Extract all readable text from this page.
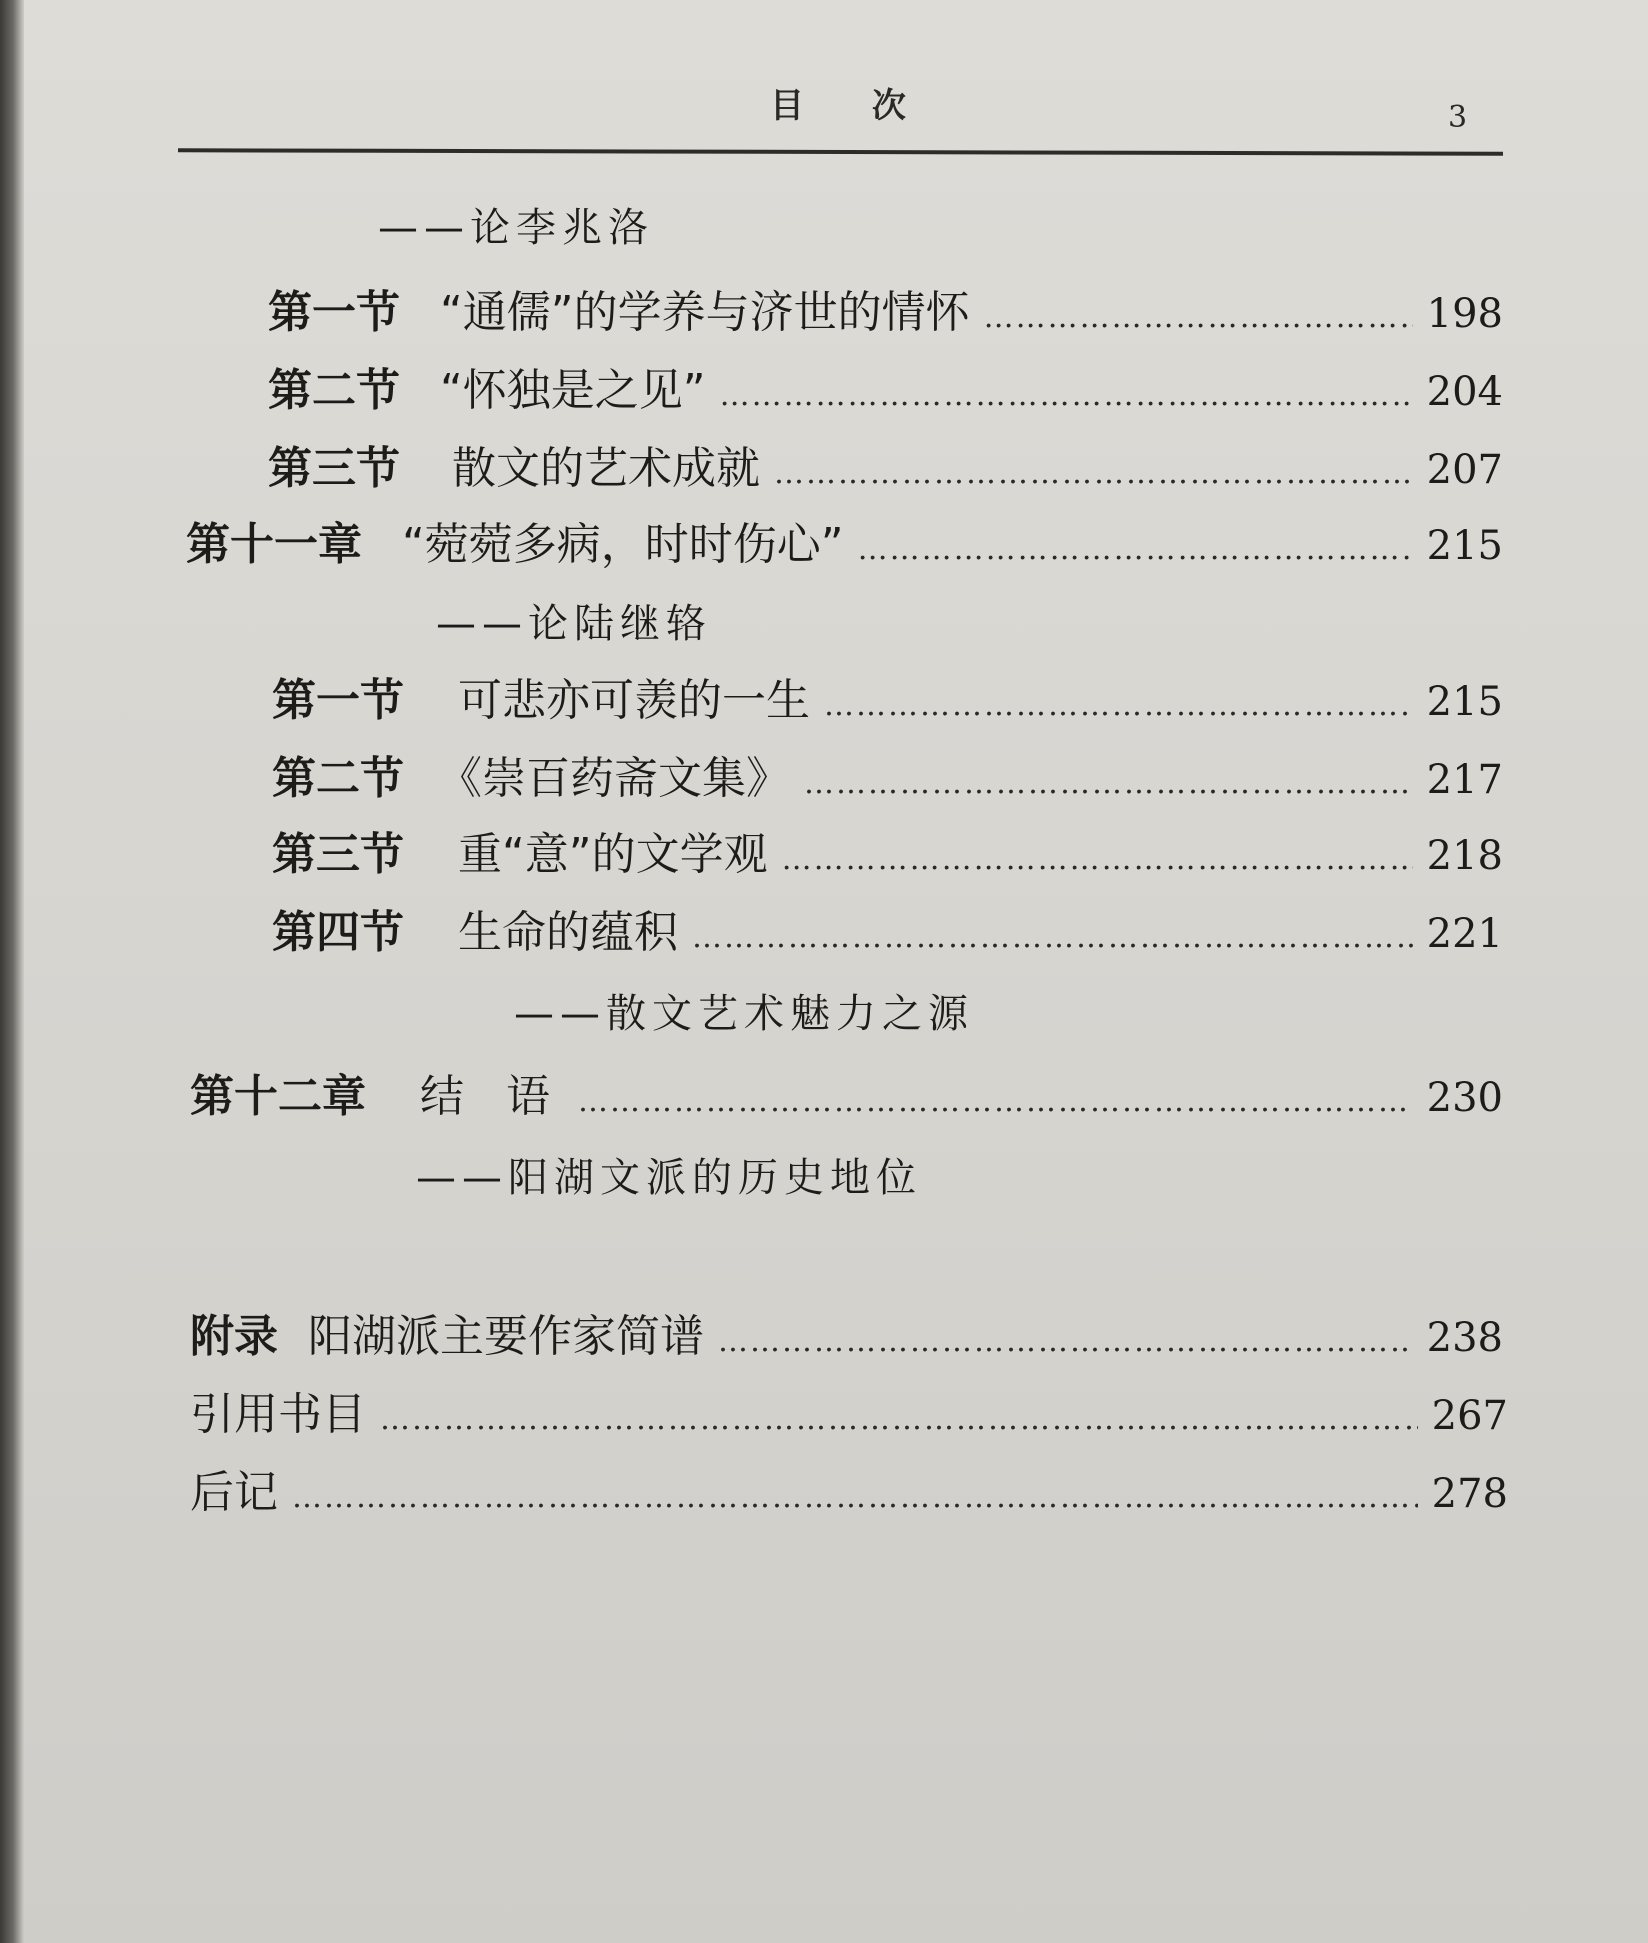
目 次	3
——论李兆洛
第一节 “通儒”的学养与济世的情怀 ……………………………………………………………………………………………………………………………………………………………………………………	198
第二节 “怀独是之见” ……………………………………………………………………………………………………………………………………………………………………………………	204
第三节 散文的艺术成就 ……………………………………………………………………………………………………………………………………………………………………………………	207
第十一章 “菀菀多病，时时伤心” ……………………………………………………………………………………………………………………………………………………………………………………	215
——论陆继辂
第一节 可悲亦可羡的一生 ……………………………………………………………………………………………………………………………………………………………………………………	215
第二节 《崇百药斋文集》 ……………………………………………………………………………………………………………………………………………………………………………………	217
第三节 重“意”的文学观 ……………………………………………………………………………………………………………………………………………………………………………………	218
第四节 生命的蕴积 ……………………………………………………………………………………………………………………………………………………………………………………	221
——散文艺术魅力之源
第十二章 结 语 ……………………………………………………………………………………………………………………………………………………………………………………	230
——阳湖文派的历史地位
附录 阳湖派主要作家简谱 ……………………………………………………………………………………………………………………………………………………………………………………	238
引用书目 ……………………………………………………………………………………………………………………………………………………………………………………	267
后记 ……………………………………………………………………………………………………………………………………………………………………………………	278
